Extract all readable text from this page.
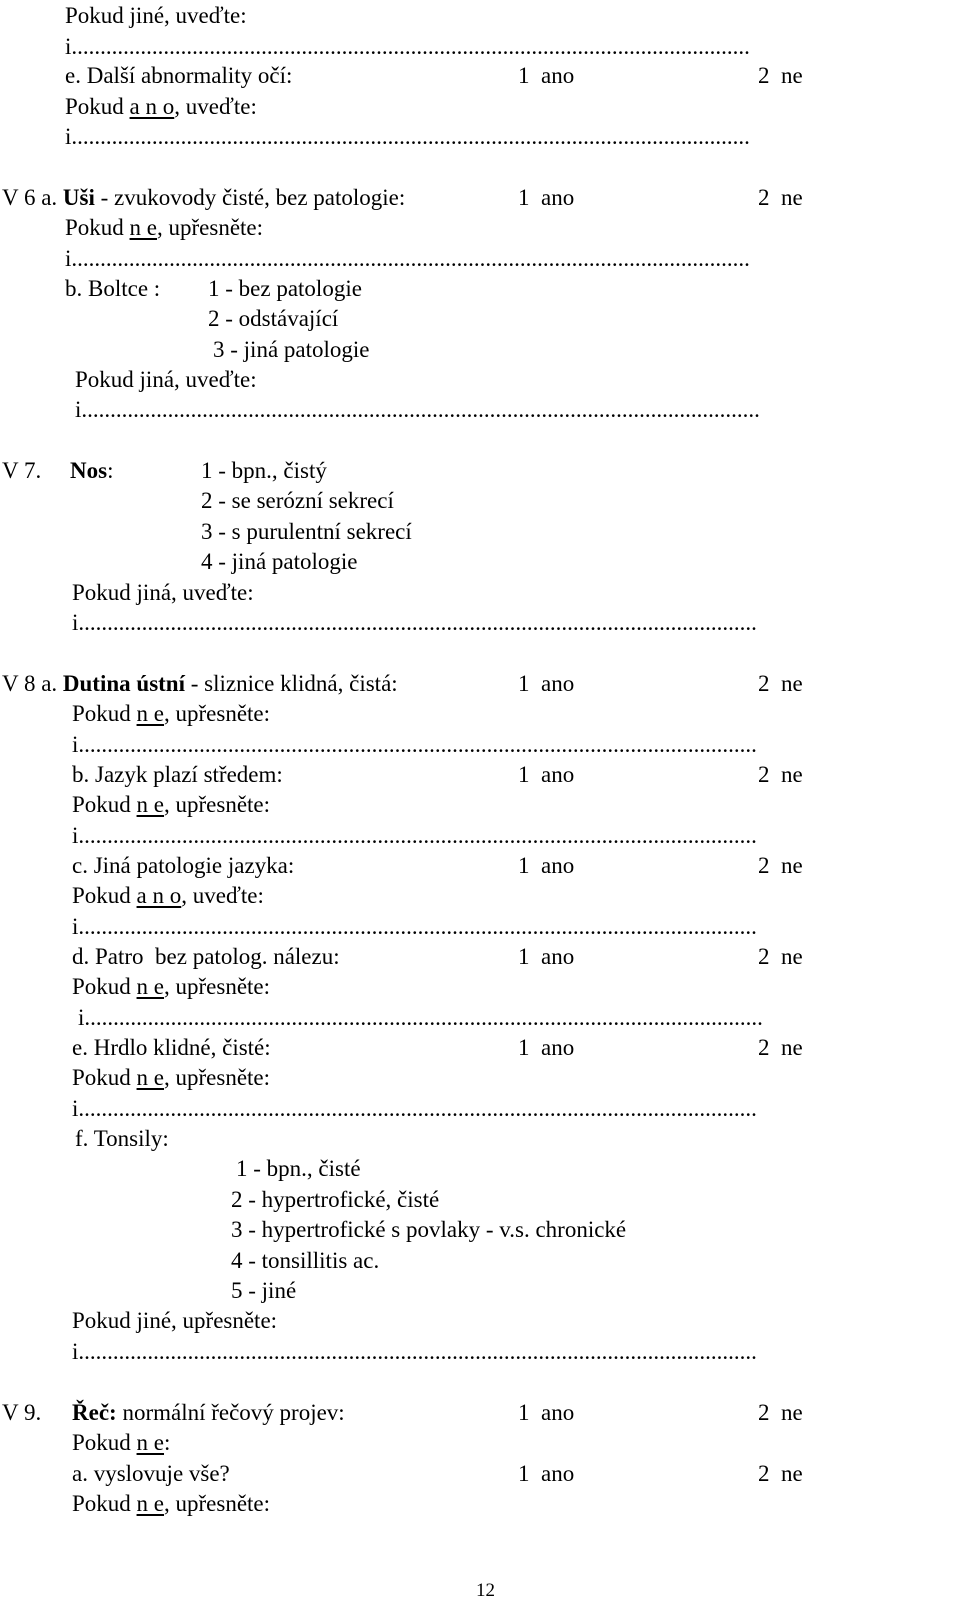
Pokud jiné, uveďte:
i......................................................................................................................
e. Další abnormality očí:	1  ano	2  ne
Pokud a n o, uveďte:
i......................................................................................................................
V 6 a. Uši - zvukovody čisté, bez patologie:	1  ano	2  ne
Pokud n e, upřesněte:
i......................................................................................................................
b. Boltce : 1 - bez patologie
2 - odstávající
3 - jiná patologie
Pokud jiná, uveďte:
i......................................................................................................................
V 7. Nos:	1 - bpn., čistý
2 - se serózní sekrecí
3 - s purulentní sekrecí
4 - jiná patologie
Pokud jiná, uveďte:
i......................................................................................................................
V 8 a. Dutina ústní - sliznice klidná, čistá:	1  ano	2  ne
Pokud n e, upřesněte:
i......................................................................................................................
b. Jazyk plazí středem:	1  ano	2  ne
Pokud n e, upřesněte:
i......................................................................................................................
c. Jiná patologie jazyka:	1  ano	2  ne
Pokud a n o, uveďte:
i......................................................................................................................
d. Patro  bez patolog. nálezu:	1  ano	2  ne
Pokud n e, upřesněte:
i......................................................................................................................
e. Hrdlo klidné, čisté:	1  ano	2  ne
Pokud n e, upřesněte:
i......................................................................................................................
f. Tonsily:
1 - bpn., čisté
2 - hypertrofické, čisté
3 - hypertrofické s povlaky - v.s. chronické
4 - tonsillitis ac.
5 - jiné
Pokud jiné, upřesněte:
i......................................................................................................................
V 9. Řeč: normální řečový projev:	1  ano	2  ne
Pokud n e:
a. vyslovuje vše?	1  ano	2  ne
Pokud n e, upřesněte:
12
